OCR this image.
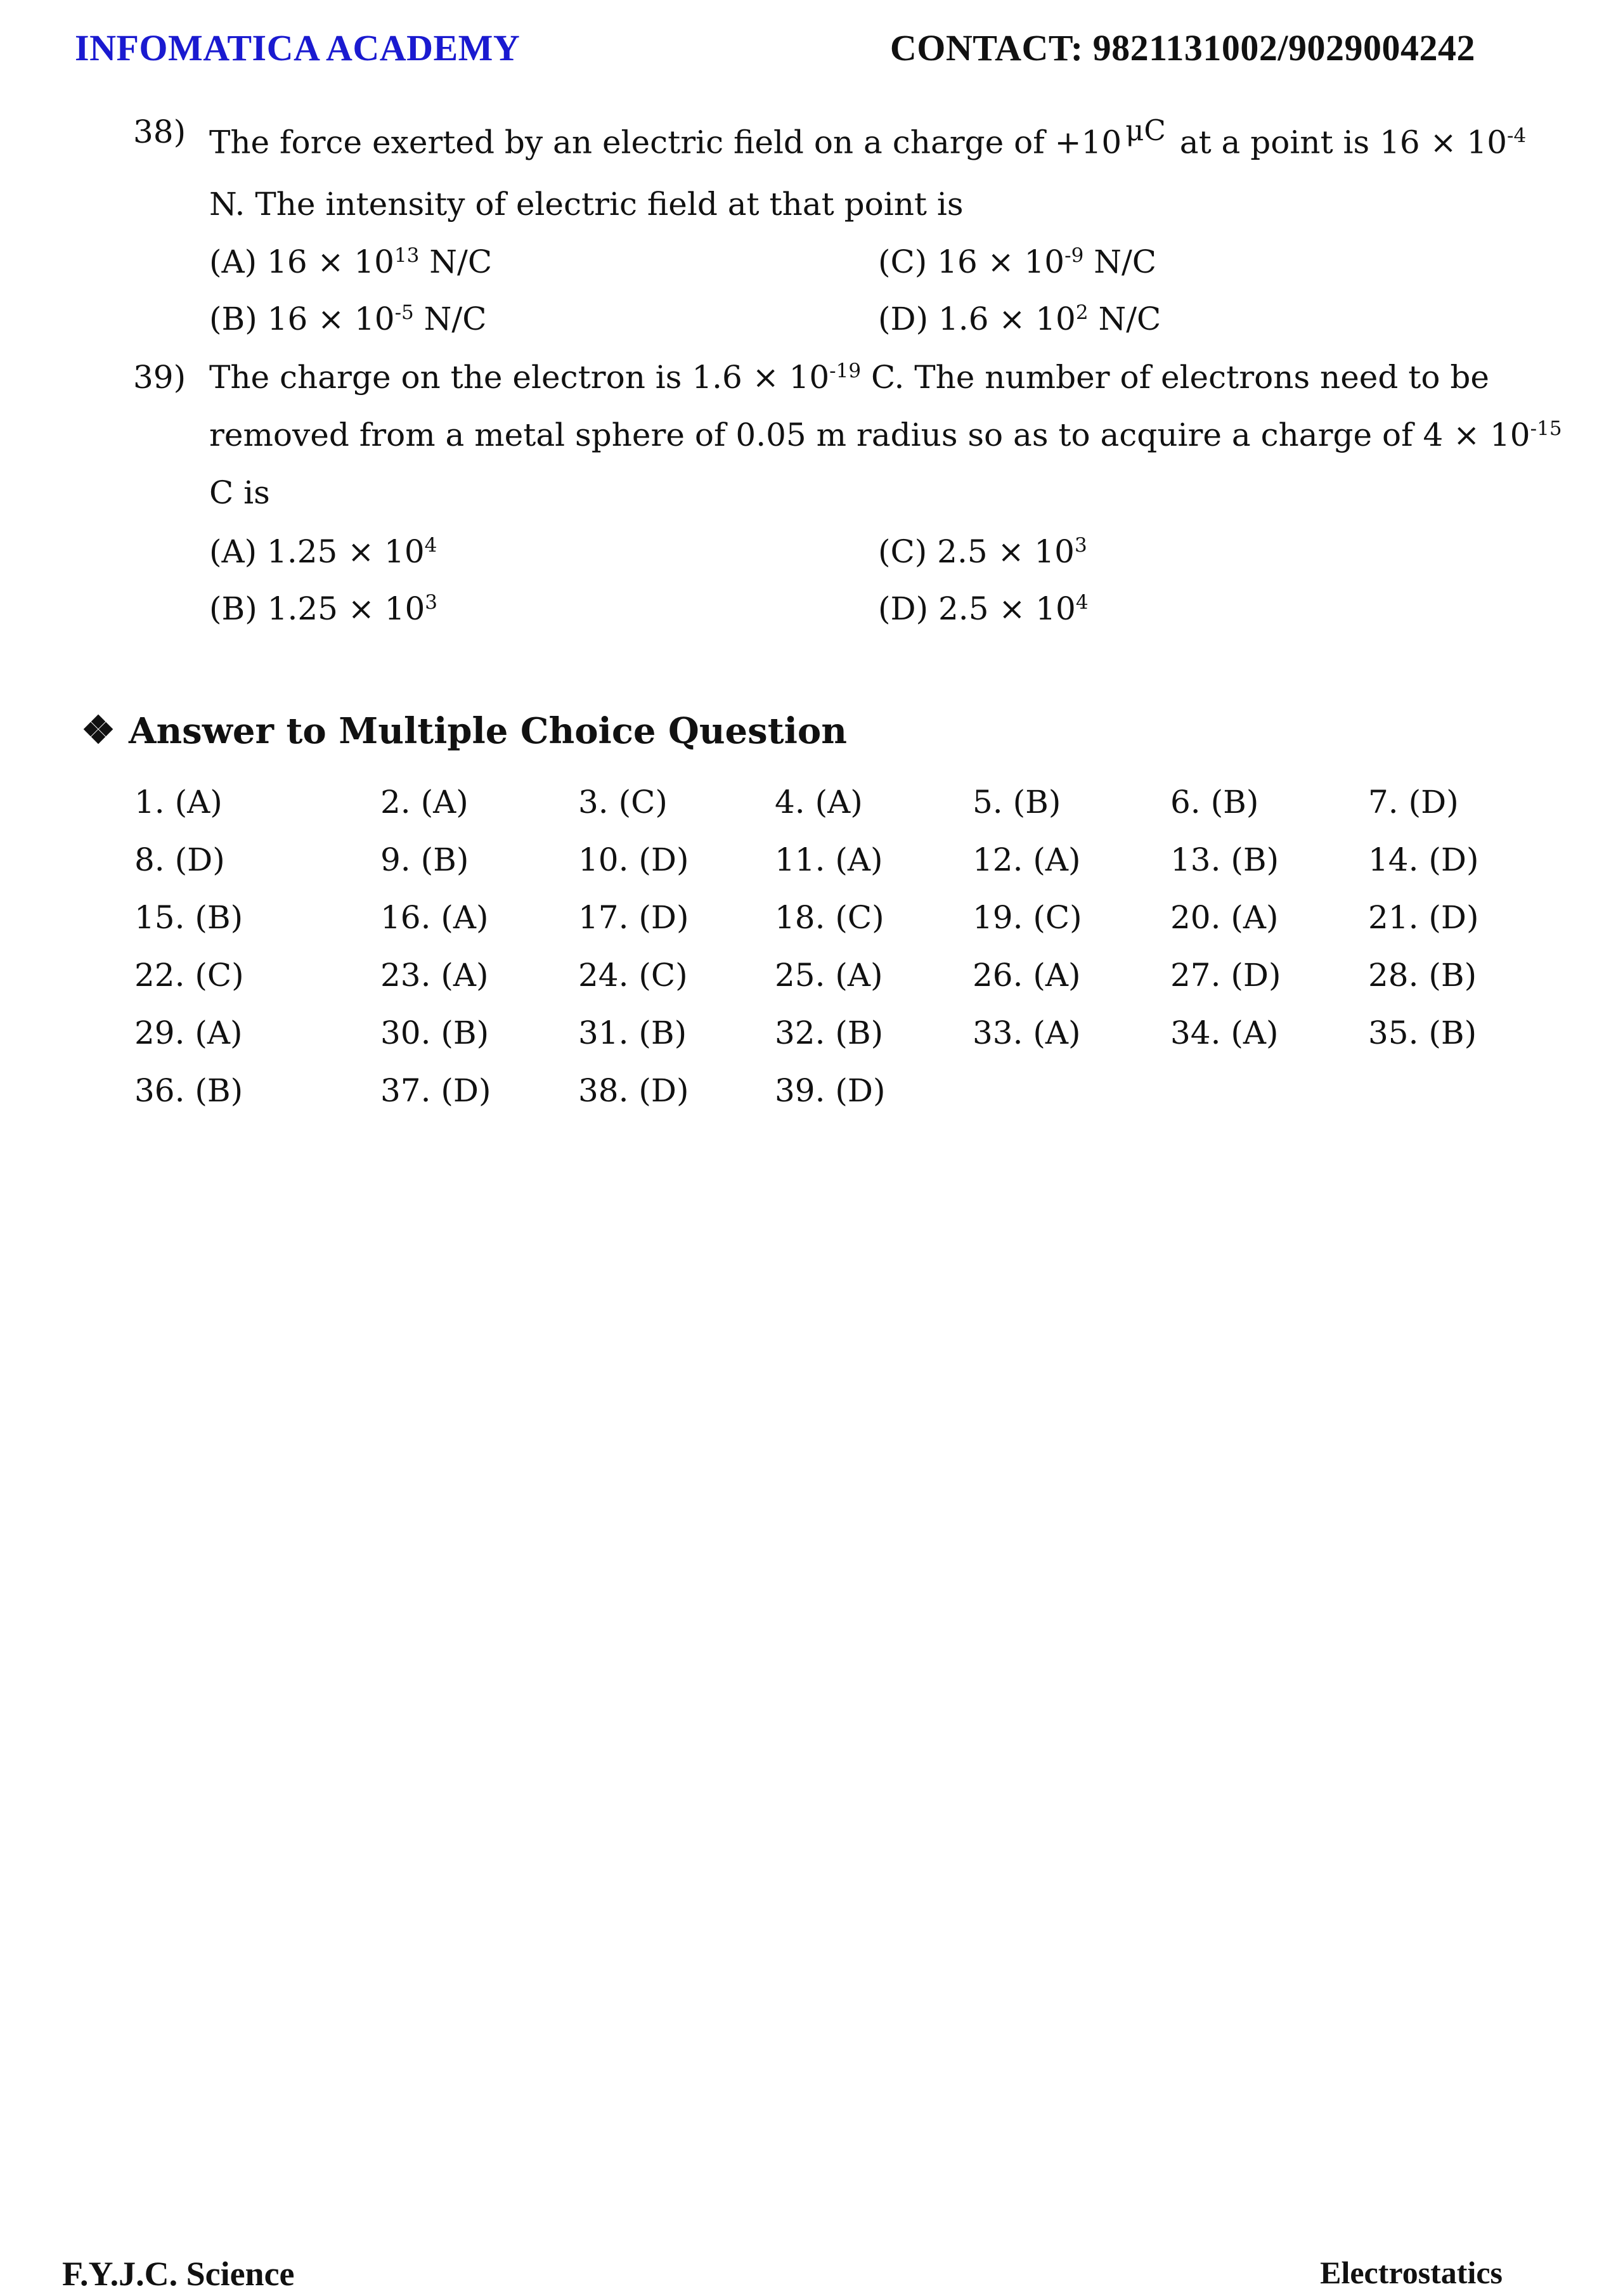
INFOMATICA ACADEMY	CONTACT: 9821131002/9029004242
38) The force exerted by an electric field on a charge of +10 μC at a point is $16 \times 10^{-4}$
N. The intensity of electric field at that point is
(A) $16 \times 10^{13}$ N/C	(C) $16 \times 10^{-9}$ N/C
(B) $16 \times 10^{-5}$ N/C	(D) $1.6 \times 10^2$ N/C
39) The charge on the electron is $1.6 \times 10^{-19}$ C. The number of electrons need to be
removed from a metal sphere of 0.05 m radius so as to acquire a charge of $4 \times 10^{-15}$
C is
(A) $1.25 \times 10^4$	(C) $2.5 \times 10^3$
(B) $1.25 \times 10^3$	(D) $2.5 \times 10^4$
Answer to Multiple Choice Question
1. (A)	2. (A)	3. (C)	4. (A)	5. (B)	6. (B)	7. (D)
8. (D)	9. (B)	10. (D)	11. (A)	12. (A)	13. (B)	14. (D)
15. (B)	16. (A)	17. (D)	18. (C)	19. (C)	20. (A)	21. (D)
22. (C)	23. (A)	24. (C)	25. (A)	26. (A)	27. (D)	28. (B)
29. (A)	30. (B)	31. (B)	32. (B)	33. (A)	34. (A)	35. (B)
36. (B)	37. (D)	38. (D)	39. (D)
F.Y.J.C. Science	Electrostatics
